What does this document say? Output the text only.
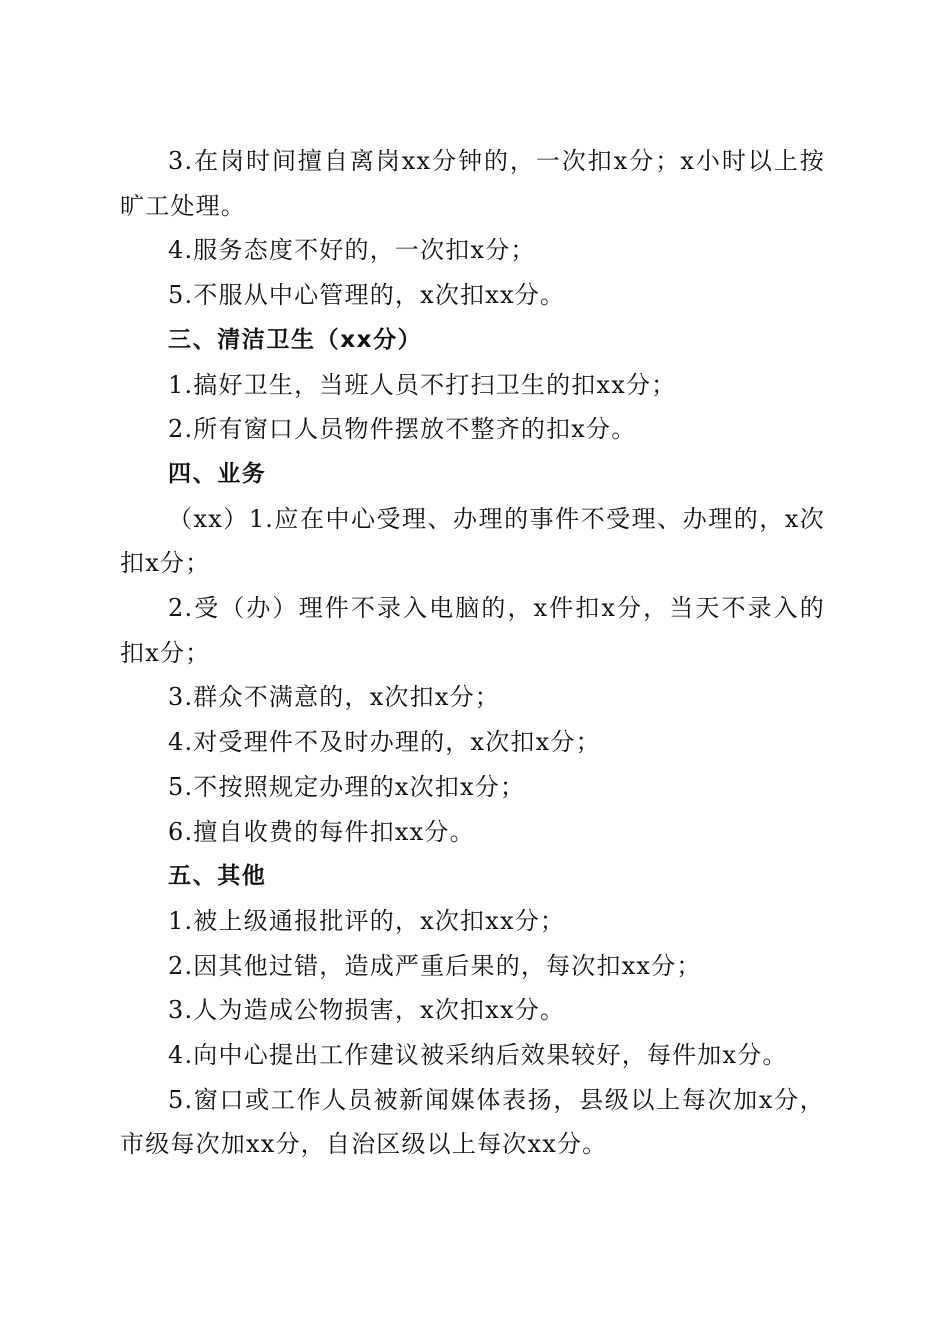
3.在岗时间擅自离岗xx分钟的，一次扣x分；x小时以上按旷工处理。

4.服务态度不好的，一次扣x分；

5.不服从中心管理的，x次扣xx分。

三、清洁卫生（xx分）

1.搞好卫生，当班人员不打扫卫生的扣xx分；

2.所有窗口人员物件摆放不整齐的扣x分。

四、业务

（xx）1.应在中心受理、办理的事件不受理、办理的，x次扣x分；

2.受（办）理件不录入电脑的，x件扣x分，当天不录入的扣x分；

3.群众不满意的，x次扣x分；

4.对受理件不及时办理的，x次扣x分；

5.不按照规定办理的x次扣x分；

6.擅自收费的每件扣xx分。

五、其他

1.被上级通报批评的，x次扣xx分；

2.因其他过错，造成严重后果的，每次扣xx分；

3.人为造成公物损害，x次扣xx分。

4.向中心提出工作建议被采纳后效果较好，每件加x分。

5.窗口或工作人员被新闻媒体表扬，县级以上每次加x分，市级每次加xx分，自治区级以上每次xx分。
